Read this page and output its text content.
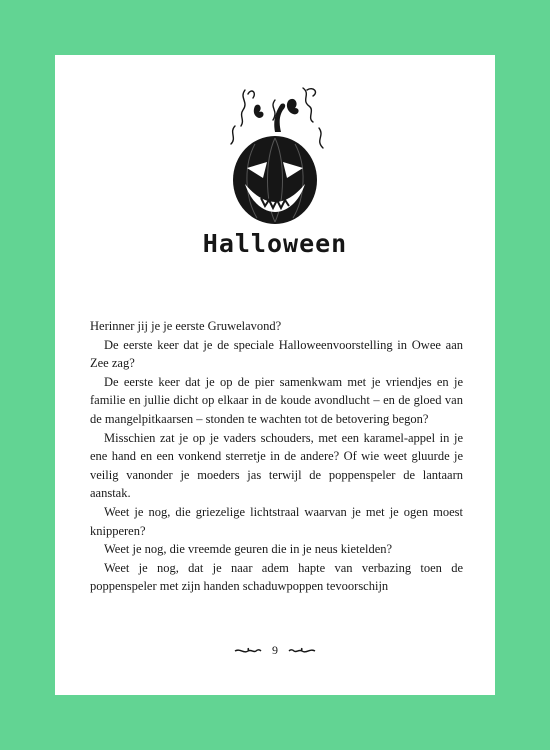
Halloween

Herinner jij je je eerste Gruwelavond?

De eerste keer dat je de speciale Halloweenvoorstelling in Owee aan Zee zag?

De eerste keer dat je op de pier samenkwam met je vriendjes en je familie en jullie dicht op elkaar in de koude avondlucht – en de gloed van de mangelpitkaarsen – stonden te wachten tot de betovering begon?

Misschien zat je op je vaders schouders, met een karamel-appel in je ene hand en een vonkend sterretje in de andere? Of wie weet gluurde je veilig vanonder je moeders jas terwijl de poppenspeler de lantaarn aanstak.

Weet je nog, die griezelige lichtstraal waarvan je met je ogen moest knipperen?

Weet je nog, die vreemde geuren die in je neus kietelden?

Weet je nog, dat je naar adem hapte van verbazing toen de poppenspeler met zijn handen schaduwpoppen tevoorschijn

9
